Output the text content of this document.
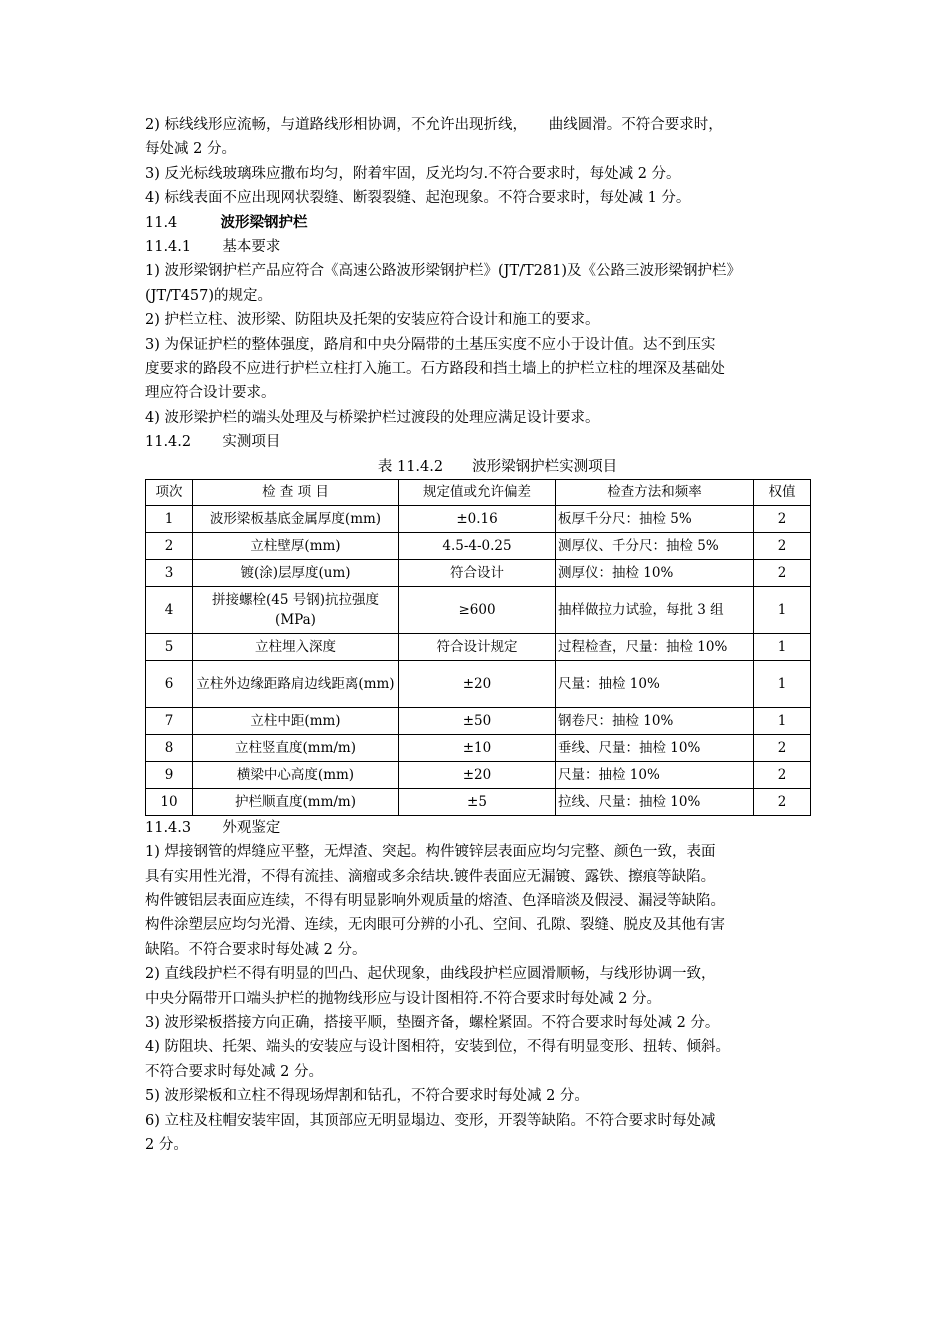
2) 标线线形应流畅，与道路线形相协调，不允许出现折线，　　曲线圆滑。不符合要求时，
每处减 2 分。
3) 反光标线玻璃珠应撒布均匀，附着牢固，反光均匀.不符合要求时，每处减 2 分。
4) 标线表面不应出现网状裂缝、断裂裂缝、起泡现象。不符合要求时，每处减 1 分。
11.4	波形梁钢护栏
11.4.1 基本要求
1) 波形梁钢护栏产品应符合《高速公路波形梁钢护栏》(JT/T281)及《公路三波形梁钢护栏》
(JT/T457)的规定。
2) 护栏立柱、波形梁、防阻块及托架的安装应符合设计和施工的要求。
3) 为保证护栏的整体强度，路肩和中央分隔带的土基压实度不应小于设计值。达不到压实
度要求的路段不应进行护栏立柱打入施工。石方路段和挡土墙上的护栏立柱的埋深及基础处
理应符合设计要求。
4) 波形梁护栏的端头处理及与桥梁护栏过渡段的处理应满足设计要求。
11.4.2 实测项目
表 11.4.2　　波形梁钢护栏实测项目
项次	检 查 项 目	规定值或允许偏差	检查方法和频率	权值
1	波形梁板基底金属厚度(mm)	±0.16	板厚千分尺：抽检 5%	2
2	立柱壁厚(mm)	4.5-4-0.25	测厚仪、千分尺：抽检 5%	2
3	镀(涂)层厚度(um)	符合设计	测厚仪：抽检 10%	2
4	拼接螺栓(45 号钢)抗拉强度(MPa)	≥600	抽样做拉力试验，每批 3 组	1
5	立柱埋入深度	符合设计规定	过程检查，尺量：抽检 10%	1
6	立柱外边缘距路肩边线距离(mm)	±20	尺量：抽检 10%	1
7	立柱中距(mm)	±50	钢卷尺：抽检 10%	1
8	立柱竖直度(mm/m)	±10	垂线、尺量：抽检 10%	2
9	横梁中心高度(mm)	±20	尺量：抽检 10%	2
10	护栏顺直度(mm/m)	±5	拉线、尺量：抽检 10%	2
11.4.3 外观鉴定
1) 焊接钢管的焊缝应平整，无焊渣、突起。构件镀锌层表面应均匀完整、颜色一致，表面
具有实用性光滑，不得有流挂、滴瘤或多余结块.镀件表面应无漏镀、露铁、擦痕等缺陷。
构件镀铝层表面应连续，不得有明显影响外观质量的熔渣、色泽暗淡及假浸、漏浸等缺陷。
构件涂塑层应均匀光滑、连续，无肉眼可分辨的小孔、空间、孔隙、裂缝、脱皮及其他有害
缺陷。不符合要求时每处减 2 分。
2) 直线段护栏不得有明显的凹凸、起伏现象，曲线段护栏应圆滑顺畅，与线形协调一致，
中央分隔带开口端头护栏的抛物线形应与设计图相符.不符合要求时每处减 2 分。
3) 波形梁板搭接方向正确，搭接平顺，垫圈齐备，螺栓紧固。不符合要求时每处减 2 分。
4) 防阻块、托架、端头的安装应与设计图相符，安装到位，不得有明显变形、扭转、倾斜。
不符合要求时每处减 2 分。
5) 波形梁板和立柱不得现场焊割和钻孔，不符合要求时每处减 2 分。
6) 立柱及柱帽安装牢固，其顶部应无明显塌边、变形，开裂等缺陷。不符合要求时每处减
2 分。
